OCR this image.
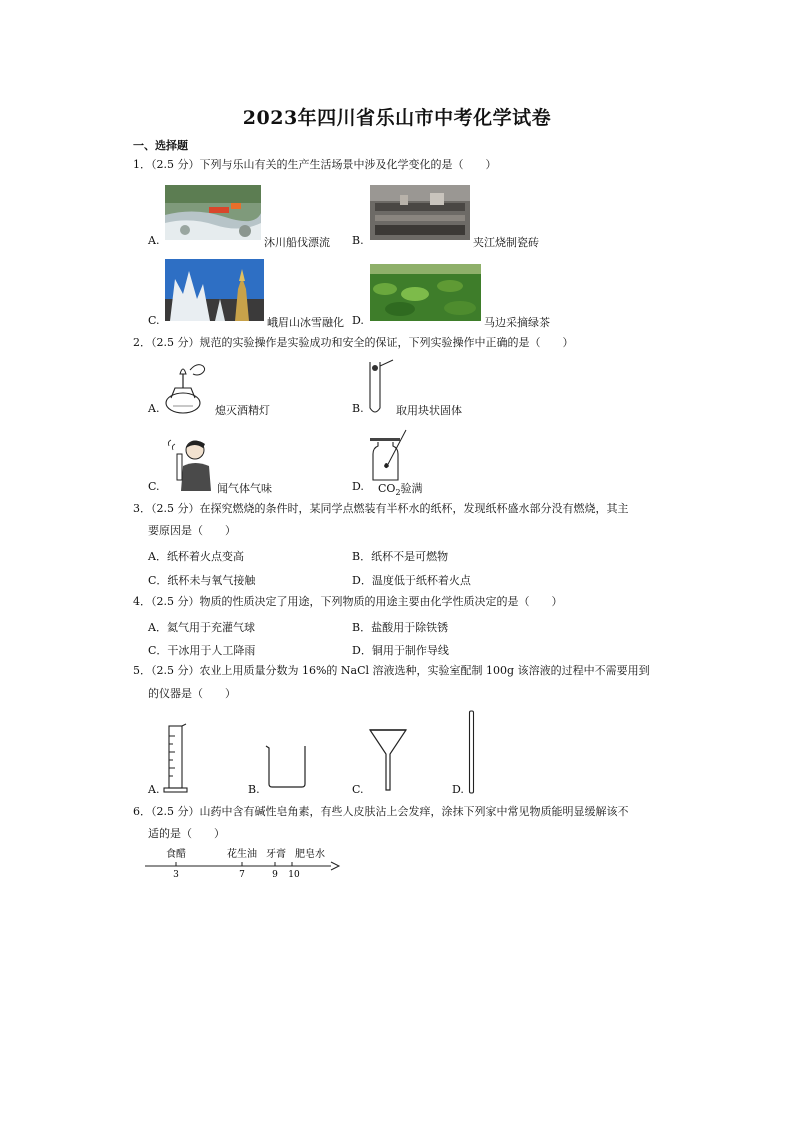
2023年四川省乐山市中考化学试卷
一、选择题
1．（2.5 分）下列与乐山有关的生产生活场景中涉及化学变化的是（　　）
A.	沐川船伐漂流 B.	夹江烧制瓷砖
C.	峨眉山冰雪融化 D.	马边采摘绿茶
2．（2.5 分）规范的实验操作是实验成功和安全的保证，下列实验操作中正确的是（　　）
A.	熄灭酒精灯	B.	取用块状固体
C.	闻气体气味	D. $CO_2$验满
3．（2.5 分）在探究燃烧的条件时，某同学点燃装有半杯水的纸杯，发现纸杯盛水部分没有燃烧，其主
要原因是（　　）
A．纸杯着火点变高	B．纸杯不是可燃物
C．纸杯未与氧气接触	D．温度低于纸杯着火点
4．（2.5 分）物质的性质决定了用途，下列物质的用途主要由化学性质决定的是（　　）
A．氦气用于充灌气球	B．盐酸用于除铁锈
C．干冰用于人工降雨	D．铜用于制作导线
5．（2.5 分）农业上用质量分数为 16%的 NaCl 溶液选种，实验室配制 100g 该溶液的过程中不需要用到
的仪器是（　　）
A.	B.	C.	D.
6．（2.5 分）山药中含有碱性皂角素，有些人皮肤沾上会发痒，涂抹下列家中常见物质能明显缓解该不
适的是（　　）
食醋	花生油 牙膏 肥皂水
3	7	9 10
